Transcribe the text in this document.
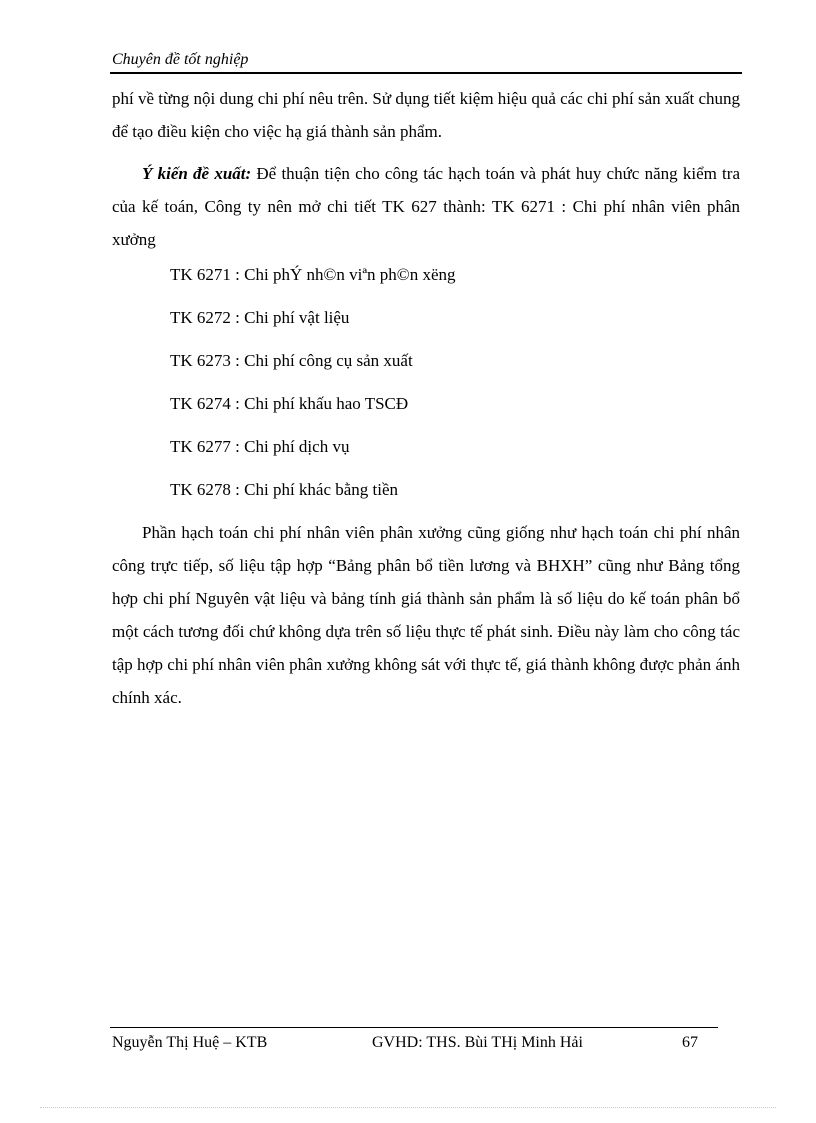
Chuyên đề tốt nghiệp
phí về từng nội dung chi phí nêu trên. Sử dụng tiết kiệm hiệu quả các chi phí sản xuất chung để tạo điều kiện cho việc hạ giá thành sản phẩm.
Ý kiến đề xuất: Để thuận tiện cho công tác hạch toán và phát huy chức năng kiểm tra của kế toán, Công ty nên mở chi tiết TK 627 thành: TK 6271 : Chi phí nhân viên phân xưởng
TK 6271 : Chi phÝ nh©n viªn ph©n xëng
TK 6272 : Chi phí vật liệu
TK 6273 : Chi phí công cụ sản xuất
TK 6274 : Chi phí khấu hao TSCĐ
TK 6277 : Chi phí dịch vụ
TK 6278 : Chi phí khác bằng tiền
Phần hạch toán chi phí nhân viên phân xưởng cũng giống như hạch toán chi phí nhân công trực tiếp, số liệu tập hợp “Bảng phân bổ tiền lương và BHXH” cũng như Bảng tổng hợp chi phí Nguyên vật liệu và bảng tính giá thành sản phẩm là số liệu do kế toán phân bổ một cách tương đối chứ không dựa trên số liệu thực tế phát sinh. Điều này làm cho công tác tập hợp chi phí nhân viên phân xưởng không sát với thực tế, giá thành không được phản ánh chính xác.
Nguyễn Thị Huệ – KTB	GVHD: THS. Bùi THị Minh Hải	67
